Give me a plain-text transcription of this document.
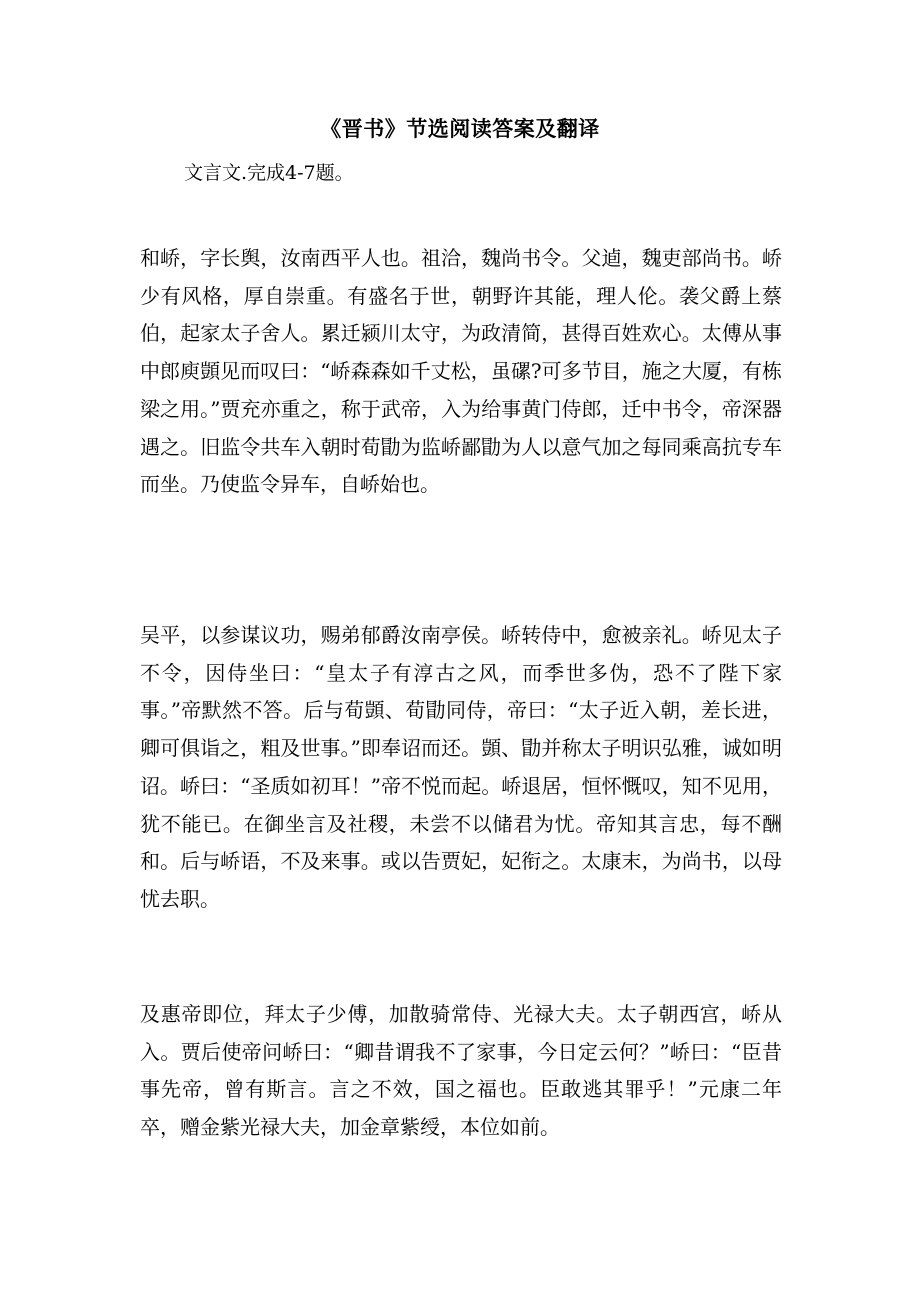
《晋书》节选阅读答案及翻译
文言文.完成4-7题。

和峤，字长舆，汝南西平人也。祖洽，魏尚书令。父逌，魏吏部尚书。峤少有风格，厚自崇重。有盛名于世，朝野许其能，理人伦。袭父爵上蔡伯，起家太子舍人。累迁颍川太守，为政清简，甚得百姓欢心。太傅从事中郎庾顗见而叹曰：“峤森森如千丈松，虽磥?可多节目，施之大厦，有栋梁之用。”贾充亦重之，称于武帝，入为给事黄门侍郎，迁中书令，帝深器遇之。旧监令共车入朝时荀勖为监峤鄙勖为人以意气加之每同乘高抗专车而坐。乃使监令异车，自峤始也。

吴平，以参谋议功，赐弟郁爵汝南亭侯。峤转侍中，愈被亲礼。峤见太子不令，因侍坐曰：“皇太子有淳古之风，而季世多伪，恐不了陛下家事。”帝默然不答。后与荀顗、荀勖同侍，帝曰：“太子近入朝，差长进，卿可俱诣之，粗及世事。”即奉诏而还。顗、勖并称太子明识弘雅，诚如明诏。峤曰：“圣质如初耳！”帝不悦而起。峤退居，恒怀慨叹，知不见用，犹不能已。在御坐言及社稷，未尝不以储君为忧。帝知其言忠，每不酬和。后与峤语，不及来事。或以告贾妃，妃衔之。太康末，为尚书，以母忧去职。

及惠帝即位，拜太子少傅，加散骑常侍、光禄大夫。太子朝西宫，峤从入。贾后使帝问峤曰：“卿昔谓我不了家事，今日定云何？”峤曰：“臣昔事先帝，曾有斯言。言之不效，国之福也。臣敢逃其罪乎！”元康二年卒，赠金紫光禄大夫，加金章紫绶，本位如前。
